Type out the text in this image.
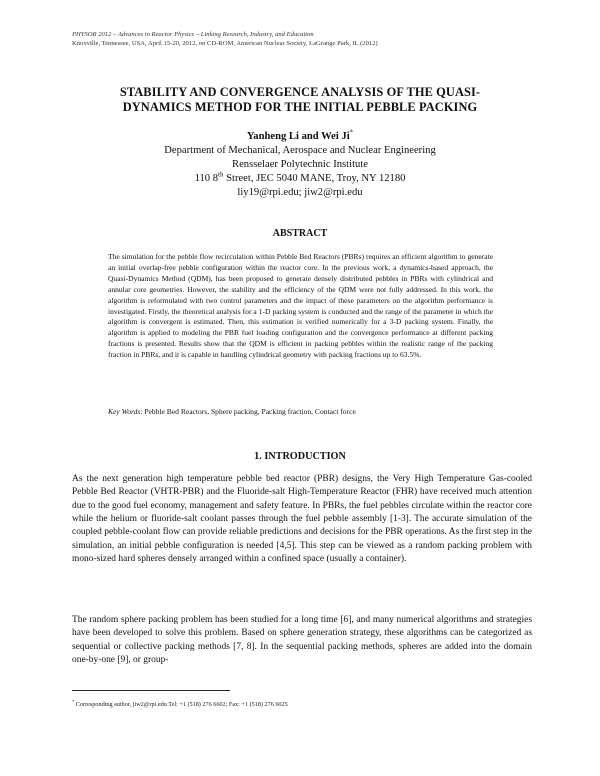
PHYSOR 2012 – Advances in Reactor Physics – Linking Research, Industry, and Education
Knoxville, Tennessee, USA, April 15-20, 2012, on CD-ROM, American Nuclear Society, LaGrange Park, IL (2012)
STABILITY AND CONVERGENCE ANALYSIS OF THE QUASI-
DYNAMICS METHOD FOR THE INITIAL PEBBLE PACKING
Yanheng Li and Wei Ji*
Department of Mechanical, Aerospace and Nuclear Engineering
Rensselaer Polytechnic Institute
110 8th Street, JEC 5040 MANE, Troy, NY 12180
liy19@rpi.edu; jiw2@rpi.edu
ABSTRACT
The simulation for the pebble flow recirculation within Pebble Bed Reactors (PBRs) requires an efficient algorithm to generate an initial overlap-free pebble configuration within the reactor core. In the previous work, a dynamics-based approach, the Quasi-Dynamics Method (QDM), has been proposed to generate densely distributed pebbles in PBRs with cylindrical and annular core geometries. However, the stability and the efficiency of the QDM were not fully addressed. In this work, the algorithm is reformulated with two control parameters and the impact of these parameters on the algorithm performance is investigated. Firstly, the theoretical analysis for a 1-D packing system is conducted and the range of the parameter in which the algorithm is convergent is estimated. Then, this estimation is verified numerically for a 3-D packing system. Finally, the algorithm is applied to modeling the PBR fuel loading configuration and the convergence performance at different packing fractions is presented. Results show that the QDM is efficient in packing pebbles within the realistic range of the packing fraction in PBRs, and it is capable in handling cylindrical geometry with packing fractions up to 63.5%.
Key Words: Pebble Bed Reactors, Sphere packing, Packing fraction, Contact force
1. INTRODUCTION
As the next generation high temperature pebble bed reactor (PBR) designs, the Very High Temperature Gas-cooled Pebble Bed Reactor (VHTR-PBR) and the Fluoride-salt High-Temperature Reactor (FHR) have received much attention due to the good fuel economy, management and safety feature. In PBRs, the fuel pebbles circulate within the reactor core while the helium or fluoride-salt coolant passes through the fuel pebble assembly [1-3]. The accurate simulation of the coupled pebble-coolant flow can provide reliable predictions and decisions for the PBR operations. As the first step in the simulation, an initial pebble configuration is needed [4,5]. This step can be viewed as a random packing problem with mono-sized hard spheres densely arranged within a confined space (usually a container).
The random sphere packing problem has been studied for a long time [6], and many numerical algorithms and strategies have been developed to solve this problem. Based on sphere generation strategy, these algorithms can be categorized as sequential or collective packing methods [7, 8]. In the sequential packing methods, spheres are added into the domain one-by-one [9], or group-
* Corresponding author, jiw2@rpi.edu Tel: +1 (518) 276 6602; Fax: +1 (518) 276 6025
